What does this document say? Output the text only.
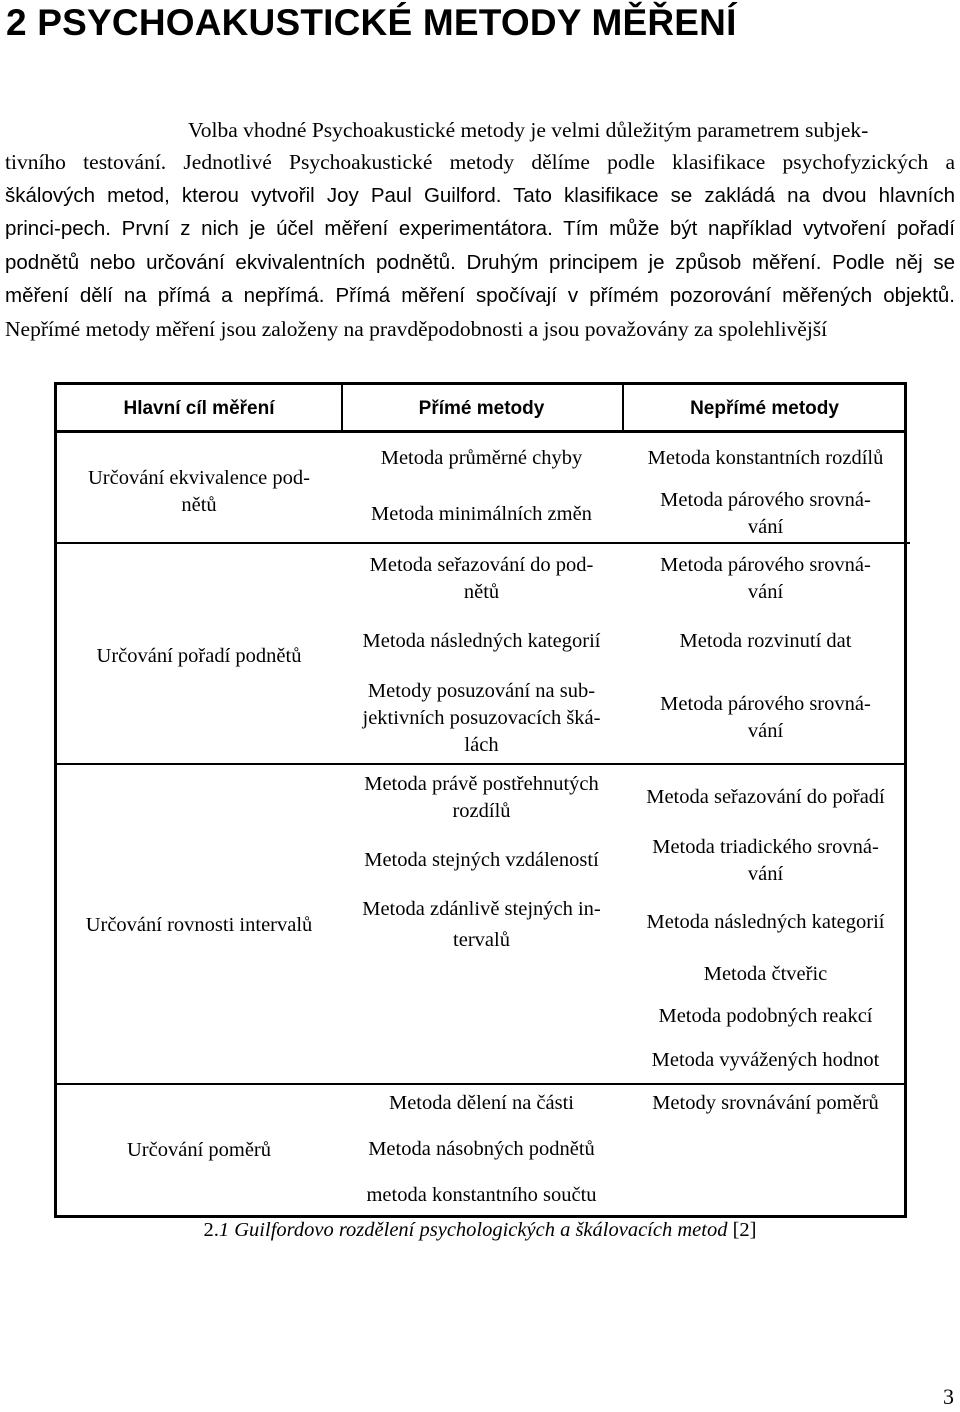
2 PSYCHOAKUSTICKÉ METODY MĚŘENÍ
Volba vhodné Psychoakustické metody je velmi důležitým parametrem subjek-
tivního testování. Jednotlivé Psychoakustické metody dělíme podle klasifikace psychofyzických a
škálových metod, kterou vytvořil Joy Paul Guilford. Tato klasifikace se zakládá na dvou hlavních
princi-pech. První z nich je účel měření experimentátora. Tím může být například vytvoření pořadí
podnětů nebo určování ekvivalentních podnětů. Druhým principem je způsob měření. Podle něj se
měření dělí na přímá a nepřímá. Přímá měření spočívají v přímém pozorování měřených objektů.
Nepřímé metody měření jsou založeny na pravděpodobnosti a jsou považovány za spolehlivější
Hlavní cíl měření	Přímé metody	Nepřímé metody
Určování ekvivalence pod-
nětů
Určování pořadí podnětů
Určování rovnosti intervalů
Určování poměrů
Metoda průměrné chyby
Metoda minimálních změn
Metoda seřazování do pod-
nětů
Metoda následných kategorií
Metody posuzování na sub-
jektivních posuzovacích šká-
lách
Metoda právě postřehnutých
rozdílů
Metoda stejných vzdáleností
Metoda zdánlivě stejných in-
tervalů
Metoda dělení na části
Metoda násobných podnětů
metoda konstantního součtu
Metoda konstantních rozdílů
Metoda párového srovná-
vání
Metoda párového srovná-
vání
Metoda rozvinutí dat
Metoda párového srovná-
vání
Metoda seřazování do pořadí
Metoda triadického srovná-
vání
Metoda následných kategorií
Metoda čtveřic
Metoda podobných reakcí
Metoda vyvážených hodnot
Metody srovnávání poměrů
2.1 Guilfordovo rozdělení psychologických a škálovacích metod [2]
3
